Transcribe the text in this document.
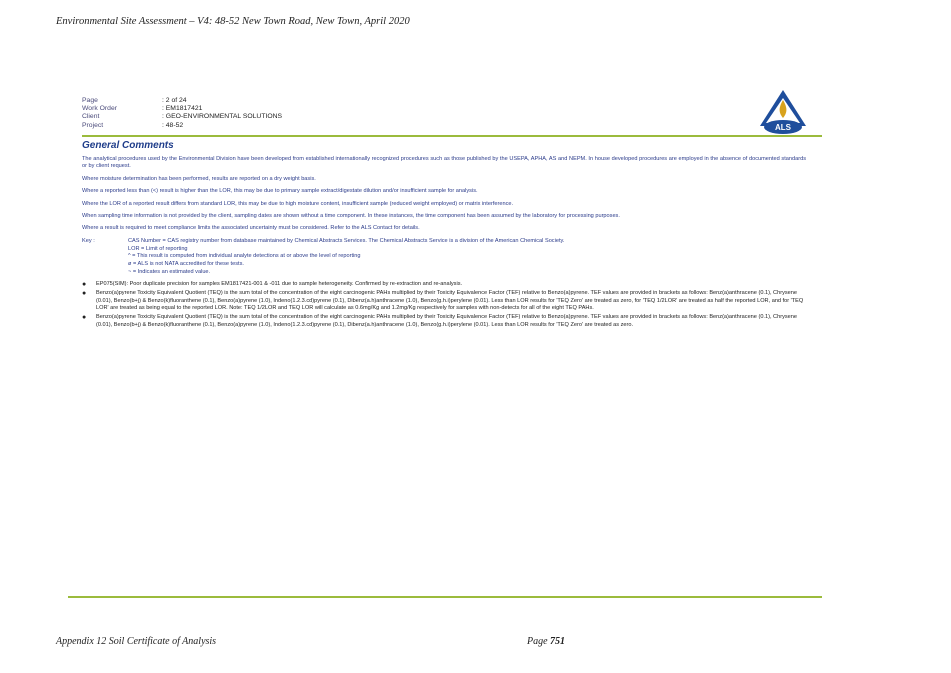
Environmental Site Assessment – V4: 48-52 New Town Road, New Town, April 2020
Page	: 2 of 24
Work Order	: EM1817421
Client	: GEO-ENVIRONMENTAL SOLUTIONS
Project	: 48-52	ALS
General Comments

The analytical procedures used by the Environmental Division have been developed from established internationally recognized procedures such as those published by the USEPA, APHA, AS and NEPM. In house developed procedures are employed in the absence of documented standards or by client request.

Where moisture determination has been performed, results are reported on a dry weight basis.

Where a reported less than (<) result is higher than the LOR, this may be due to primary sample extract/digestate dilution and/or insufficient sample for analysis.

Where the LOR of a reported result differs from standard LOR, this may be due to high moisture content, insufficient sample (reduced weight employed) or matrix interference.

When sampling time information is not provided by the client, sampling dates are shown without a time component. In these instances, the time component has been assumed by the laboratory for processing purposes.

Where a result is required to meet compliance limits the associated uncertainty must be considered. Refer to the ALS Contact for details.

Key :	CAS Number = CAS registry number from database maintained by Chemical Abstracts Services. The Chemical Abstracts Service is a division of the American Chemical Society.
LOR = Limit of reporting
^ = This result is computed from individual analyte detections at or above the level of reporting
ø = ALS is not NATA accredited for these tests.
~ = Indicates an estimated value.
● EP075(SIM): Poor duplicate precision for samples EM1817421-001 & -011 due to sample heterogeneity. Confirmed by re-extraction and re-analysis.
● Benzo(a)pyrene Toxicity Equivalent Quotient (TEQ) is the sum total of the concentration of the eight carcinogenic PAHs multiplied by their Toxicity Equivalence Factor (TEF) relative to Benzo(a)pyrene. TEF values are provided in brackets as follows: Benz(a)anthracene (0.1), Chrysene (0.01), Benzo(b+j) & Benzo(k)fluoranthene (0.1), Benzo(a)pyrene (1.0), Indeno(1.2.3.cd)pyrene (0.1), Dibenz(a.h)anthracene (1.0), Benzo(g.h.i)perylene (0.01). Less than LOR results for 'TEQ Zero' are treated as zero, for 'TEQ 1/2LOR' are treated as half the reported LOR, and for 'TEQ LOR' are treated as being equal to the reported LOR. Note: TEQ 1/2LOR and TEQ LOR will calculate as 0.6mg/Kg and 1.2mg/Kg respectively for samples with non-detects for all of the eight TEQ PAHs.
● Benzo(a)pyrene Toxicity Equivalent Quotient (TEQ) is the sum total of the concentration of the eight carcinogenic PAHs multiplied by their Toxicity Equivalence Factor (TEF) relative to Benzo(a)pyrene. TEF values are provided in brackets as follows: Benz(a)anthracene (0.1), Chrysene (0.01), Benzo(b+j) & Benzo(k)fluoranthene (0.1), Benzo(a)pyrene (1.0), Indeno(1.2.3.cd)pyrene (0.1), Dibenz(a.h)anthracene (1.0), Benzo(g.h.i)perylene (0.01). Less than LOR results for 'TEQ Zero' are treated as zero.
Appendix 12 Soil Certificate of Analysis	Page 751
